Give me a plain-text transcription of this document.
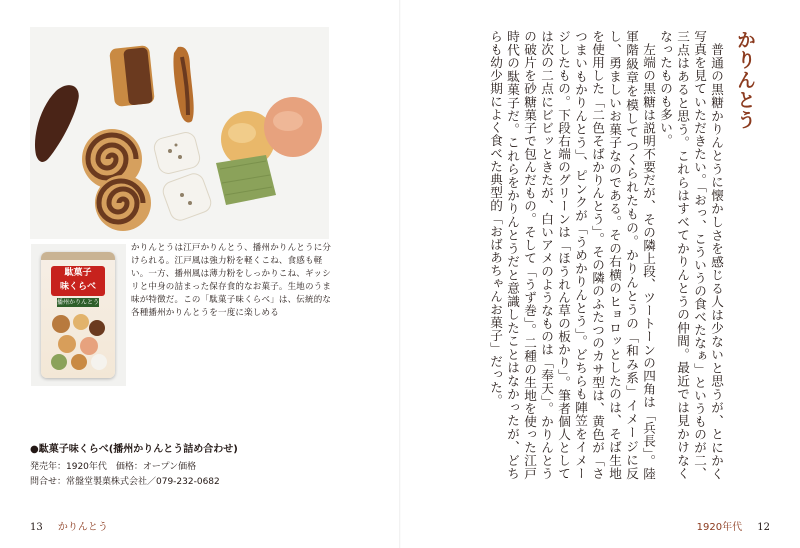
駄菓子
味くらべ
播州かりんとう
かりんとうは江戸かりんとう、播州かりんとうに分けられる。江戸風は強力粉を軽くこね、食感も軽い。一方、播州風は薄力粉をしっかりこね、ギッシリと中身の詰まった保存食的なお菓子。生地のうま味が特徴だ。この「駄菓子味くらべ」は、伝統的な各種播州かりんとうを一度に楽しめる
●駄菓子味くらべ(播州かりんとう詰め合わせ)
発売年：1920年代　価格：オープン価格
問合せ：常盤堂製菓株式会社／079-232-0682
13 かりんとう
かりんとう

普通の黒糖かりんとうに懐かしさを感じる人は少ないと思うが、とにかく写真を見ていただきたい。「おっ、こういうの食べたなぁ」というものが二、三点はあると思う。これらはすべてかりんとうの仲間。最近では見かけなくなったものも多い。

左端の黒糖は説明不要だが、その隣上段、ツートーンの四角は「兵長」。陸軍階級章を模してつくられたもの。かりんとうの「和み系」イメージに反し、勇ましいお菓子なのである。その右横のヒョロッとしたのは、そば生地を使用した「二色そばかりんとう」。その隣のふたつのカサ型は、黄色が「さつまいもかりんとう」、ピンクが「うめかりんとう」。どちらも陣笠をイメージしたもの。下段右端のグリーンは「ほうれん草の板かり」。筆者個人としては次の二点にビビッときたが、白いアメのようなものは「奉天」。かりんとうの破片を砂糖菓子で包んだもの。そして「うず巻」。二種の生地を使った江戸時代の駄菓子だ。これらをかりんとうだと意識したことはなかったが、どちらも幼少期によく食べた典型的「おばあちゃんお菓子」だった。

1920年代 12
